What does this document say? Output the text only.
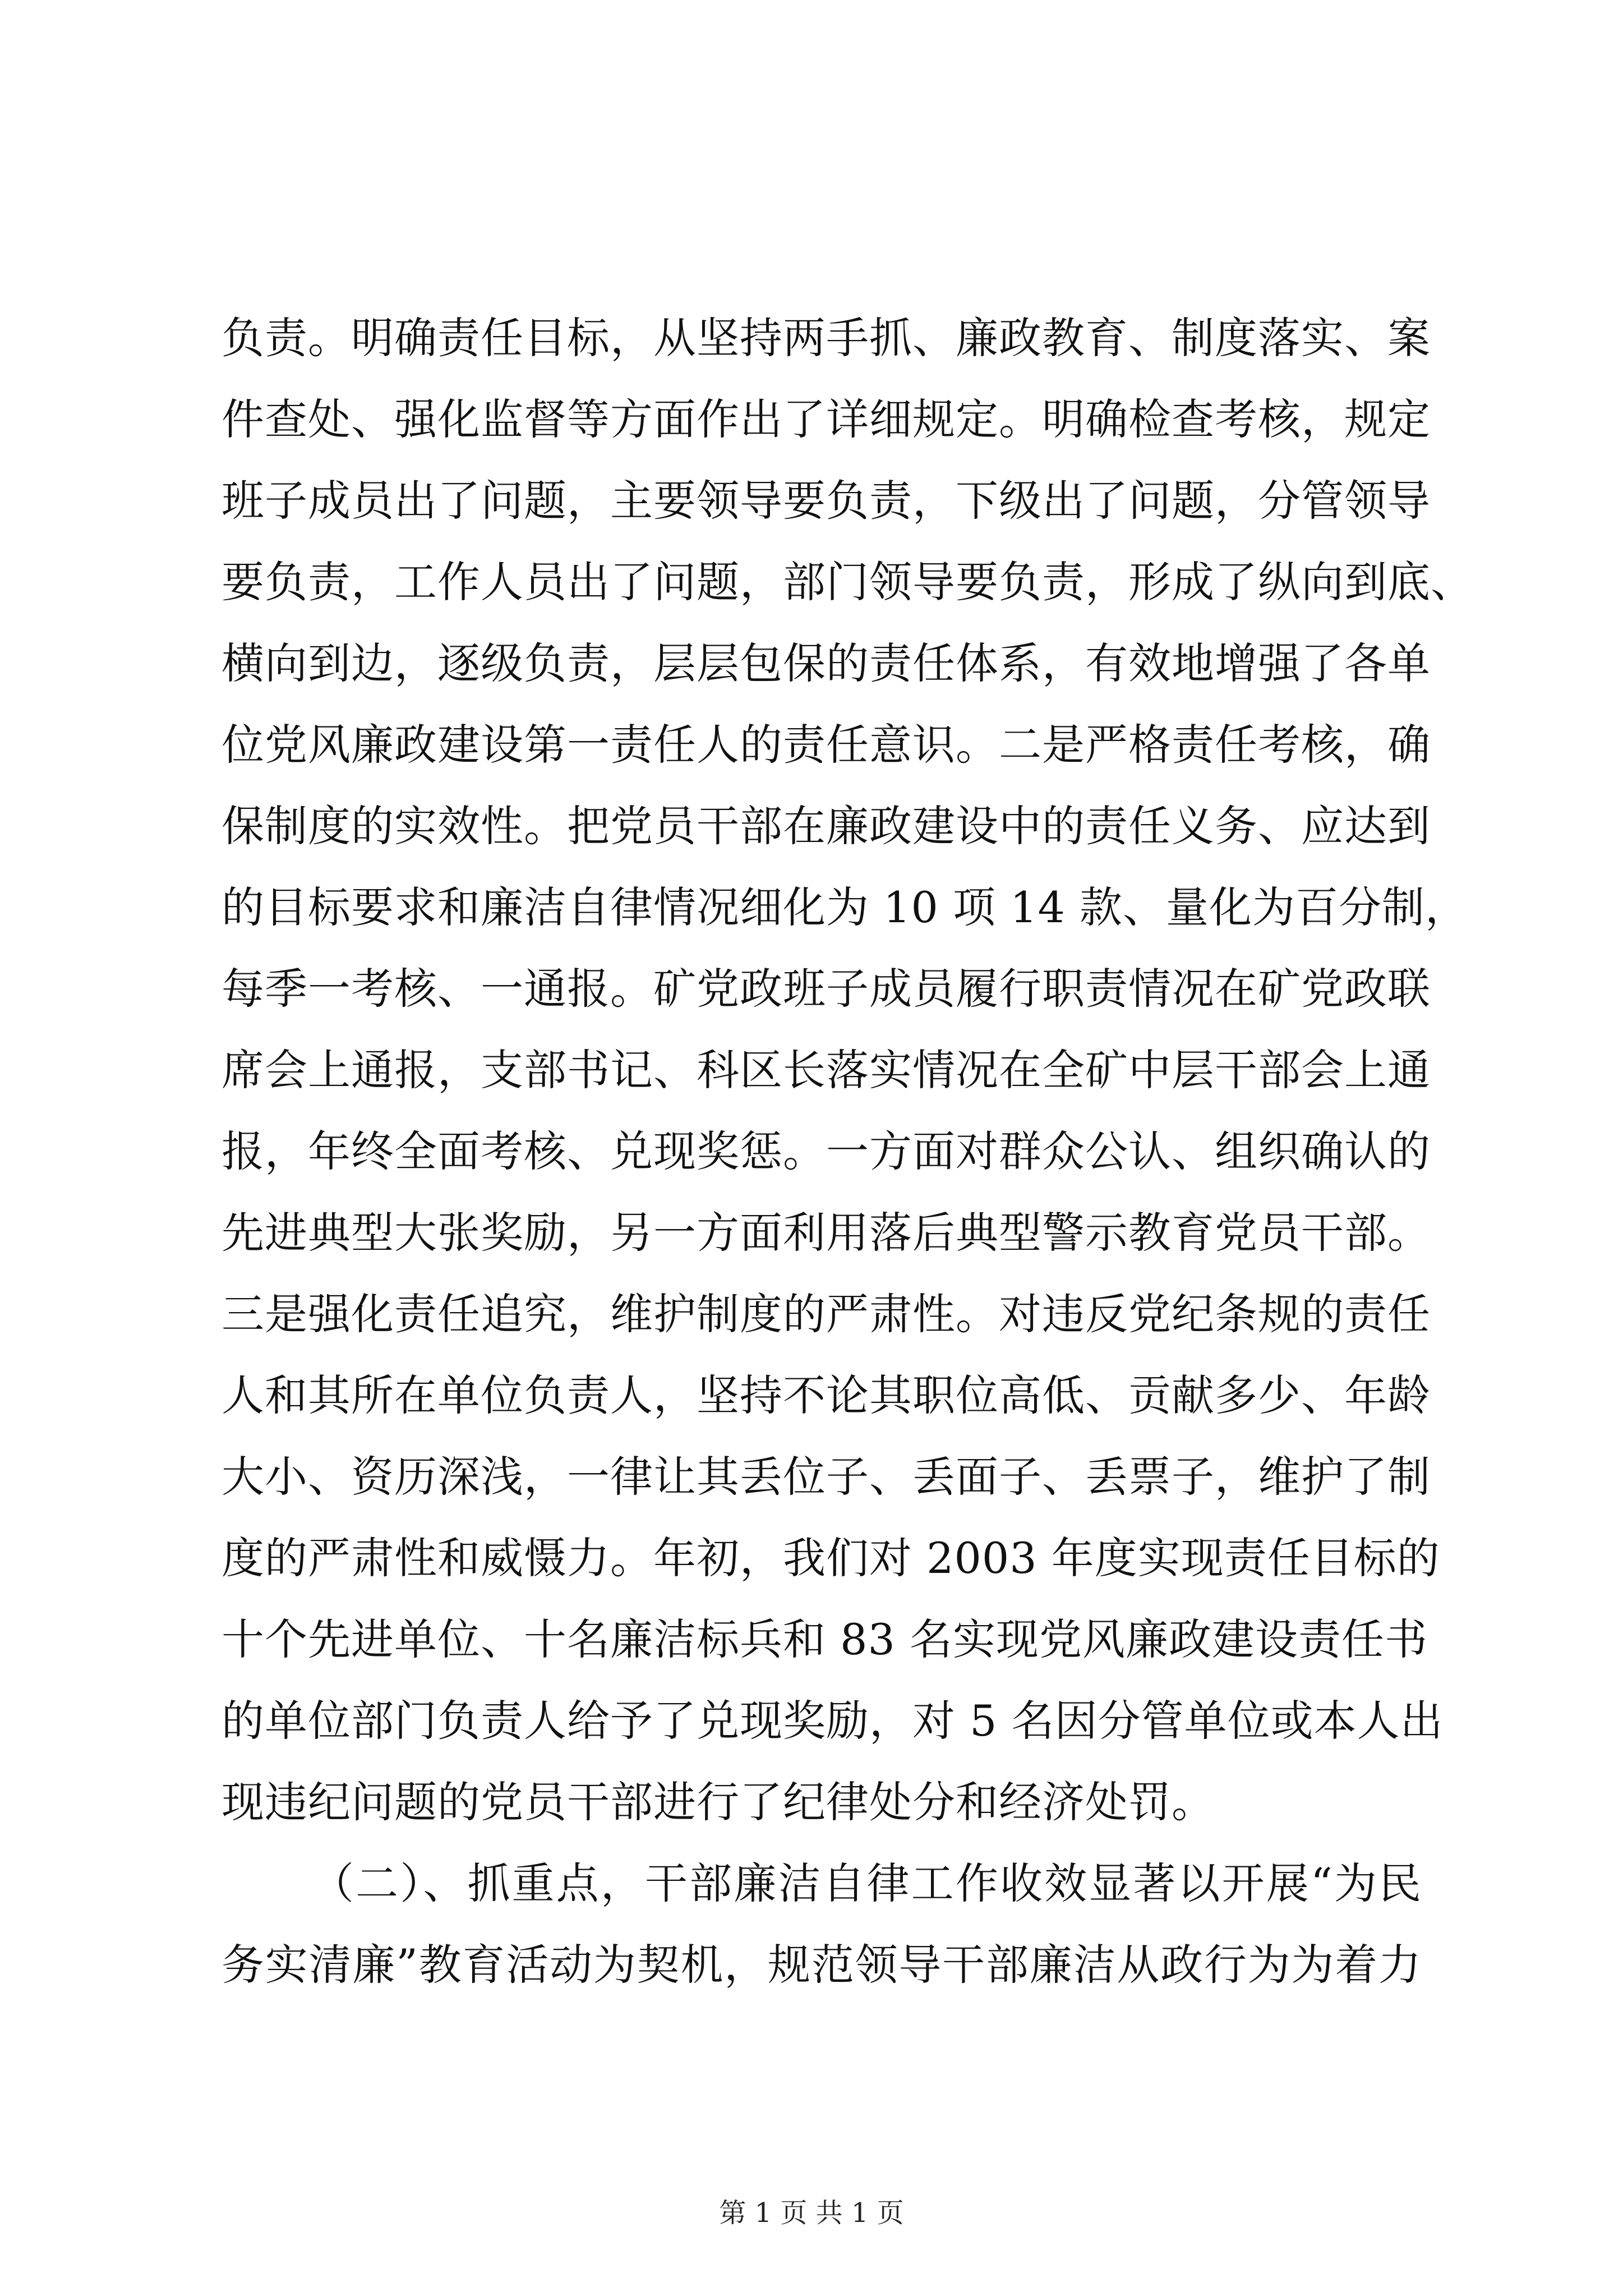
负责。明确责任目标，从坚持两手抓、廉政教育、制度落实、案
件查处、强化监督等方面作出了详细规定。明确检查考核，规定
班子成员出了问题，主要领导要负责，下级出了问题，分管领导
要负责，工作人员出了问题，部门领导要负责，形成了纵向到底、
横向到边，逐级负责，层层包保的责任体系，有效地增强了各单
位党风廉政建设第一责任人的责任意识。二是严格责任考核，确
保制度的实效性。把党员干部在廉政建设中的责任义务、应达到
的目标要求和廉洁自律情况细化为 10 项 14 款、量化为百分制，
每季一考核、一通报。矿党政班子成员履行职责情况在矿党政联
席会上通报，支部书记、科区长落实情况在全矿中层干部会上通
报，年终全面考核、兑现奖惩。一方面对群众公认、组织确认的
先进典型大张奖励，另一方面利用落后典型警示教育党员干部。
三是强化责任追究，维护制度的严肃性。对违反党纪条规的责任
人和其所在单位负责人，坚持不论其职位高低、贡献多少、年龄
大小、资历深浅，一律让其丢位子、丢面子、丢票子，维护了制
度的严肃性和威慑力。年初，我们对 2003 年度实现责任目标的
十个先进单位、十名廉洁标兵和 83 名实现党风廉政建设责任书
的单位部门负责人给予了兑现奖励，对 5 名因分管单位或本人出
现违纪问题的党员干部进行了纪律处分和经济处罚。
（二）、抓重点，干部廉洁自律工作收效显著以开展“为民
务实清廉”教育活动为契机，规范领导干部廉洁从政行为为着力
第 1 页 共 1 页
